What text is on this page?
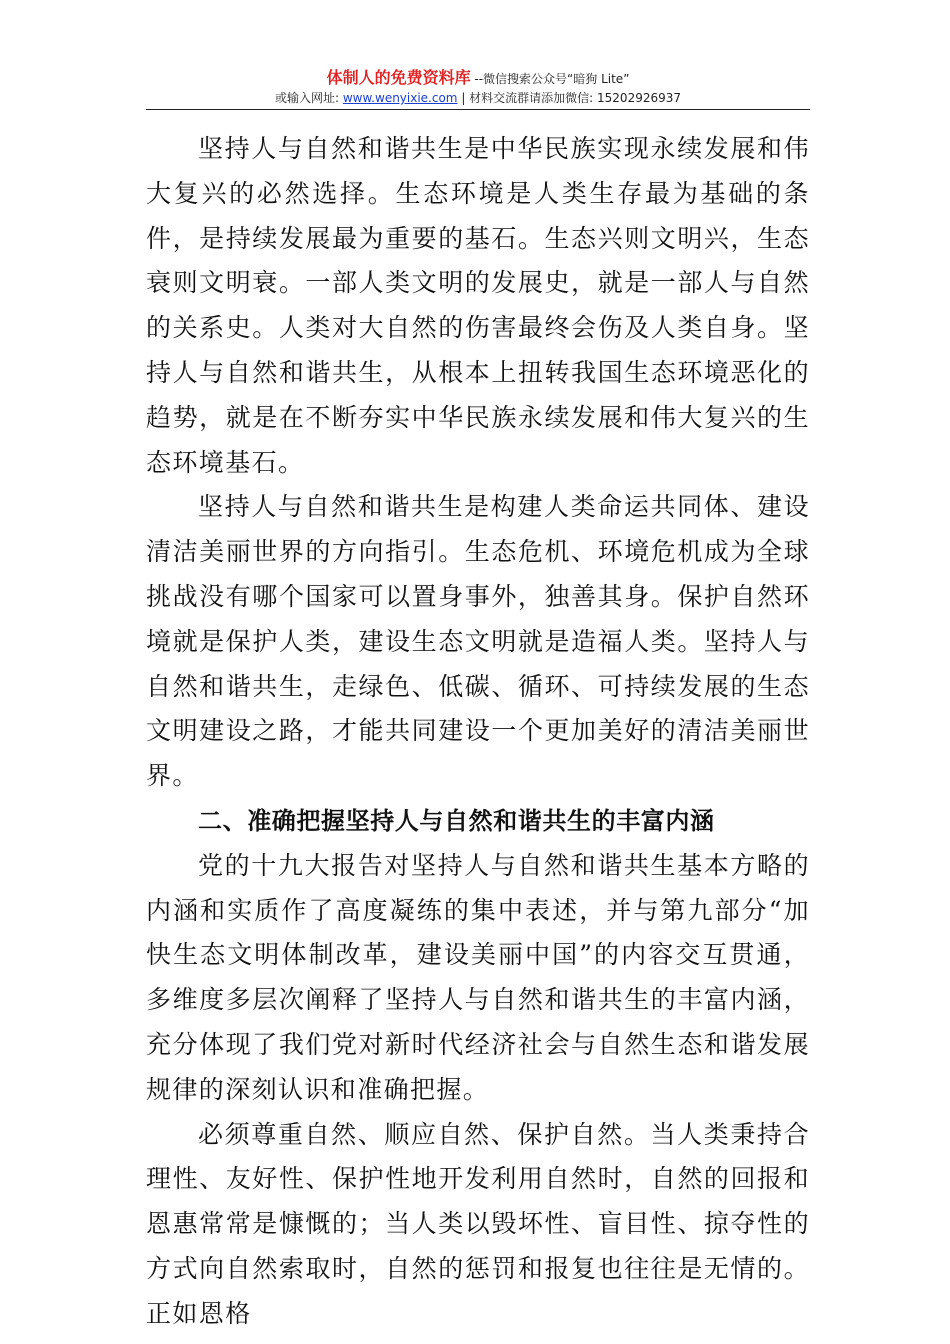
体制人的免费资料库 --微信搜索公众号“暗狗 Lite”
或输入网址: www.wenyixie.com | 材料交流群请添加微信: 15202926937

坚持人与自然和谐共生是中华民族实现永续发展和伟大复兴的必然选择。生态环境是人类生存最为基础的条件，是持续发展最为重要的基石。生态兴则文明兴，生态衰则文明衰。一部人类文明的发展史，就是一部人与自然的关系史。人类对大自然的伤害最终会伤及人类自身。坚持人与自然和谐共生，从根本上扭转我国生态环境恶化的趋势，就是在不断夯实中华民族永续发展和伟大复兴的生态环境基石。

坚持人与自然和谐共生是构建人类命运共同体、建设清洁美丽世界的方向指引。生态危机、环境危机成为全球挑战没有哪个国家可以置身事外，独善其身。保护自然环境就是保护人类，建设生态文明就是造福人类。坚持人与自然和谐共生，走绿色、低碳、循环、可持续发展的生态文明建设之路，才能共同建设一个更加美好的清洁美丽世界。

二、准确把握坚持人与自然和谐共生的丰富内涵

党的十九大报告对坚持人与自然和谐共生基本方略的内涵和实质作了高度凝练的集中表述，并与第九部分“加快生态文明体制改革，建设美丽中国”的内容交互贯通，多维度多层次阐释了坚持人与自然和谐共生的丰富内涵，充分体现了我们党对新时代经济社会与自然生态和谐发展规律的深刻认识和准确把握。

必须尊重自然、顺应自然、保护自然。当人类秉持合理性、友好性、保护性地开发利用自然时，自然的回报和恩惠常常是慷慨的；当人类以毁坏性、盲目性、掠夺性的方式向自然索取时，自然的惩罚和报复也往往是无情的。正如恩格
